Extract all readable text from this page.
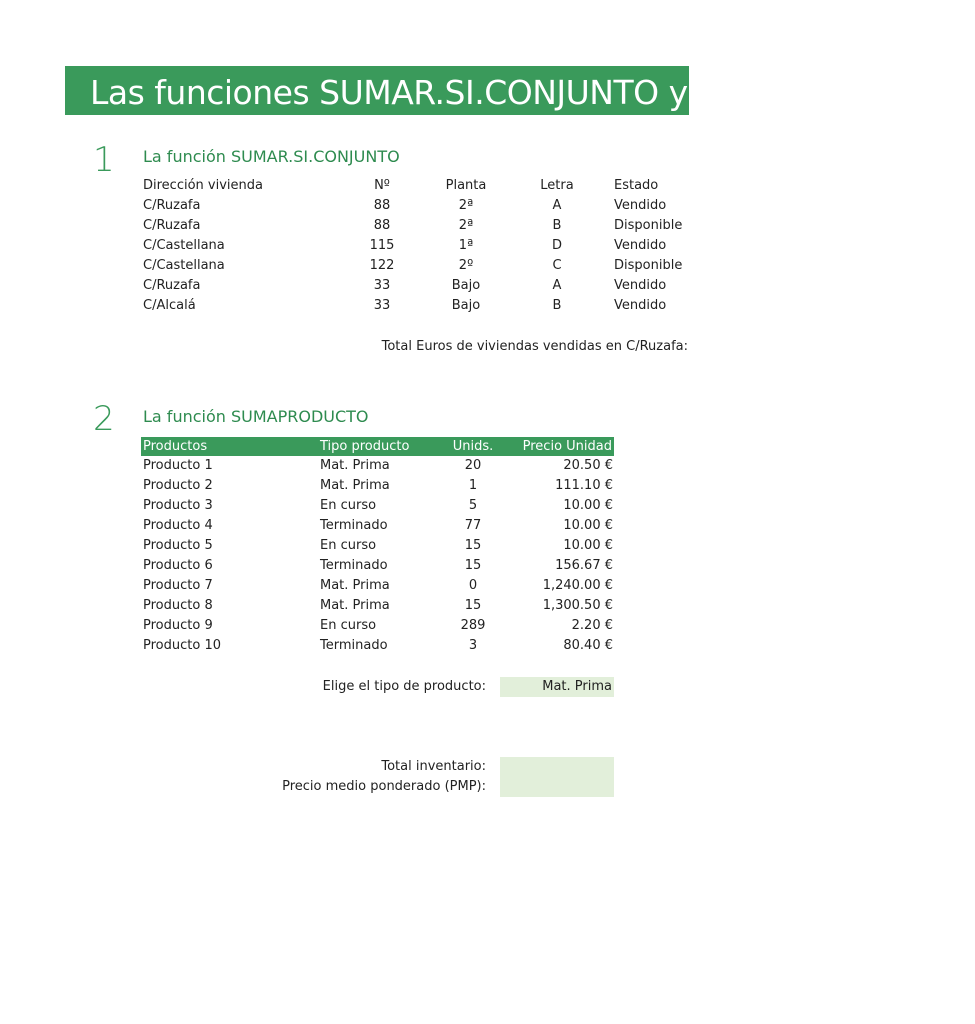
Las funciones SUMAR.SI.CONJUNTO y SUMAPRODUCTO
1 La función SUMAR.SI.CONJUNTO
Dirección vivienda	Nº	Planta	Letra	Estado
C/Ruzafa	88	2ª	A	Vendido
C/Ruzafa	88	2ª	B	Disponible
C/Castellana	115	1ª	D	Vendido
C/Castellana	122	2º	C	Disponible
C/Ruzafa	33	Bajo	A	Vendido
C/Alcalá	33	Bajo	B	Vendido
Total Euros de viviendas vendidas en C/Ruzafa:
2 La función SUMAPRODUCTO
Productos	Tipo producto	Unids.	Precio Unidad
Producto 1	Mat. Prima	20	20.50 €
Producto 2	Mat. Prima	1	111.10 €
Producto 3	En curso	5	10.00 €
Producto 4	Terminado	77	10.00 €
Producto 5	En curso	15	10.00 €
Producto 6	Terminado	15	156.67 €
Producto 7	Mat. Prima	0	1,240.00 €
Producto 8	Mat. Prima	15	1,300.50 €
Producto 9	En curso	289	2.20 €
Producto 10	Terminado	3	80.40 €
Elige el tipo de producto:	Mat. Prima
Total inventario:
Precio medio ponderado (PMP):
